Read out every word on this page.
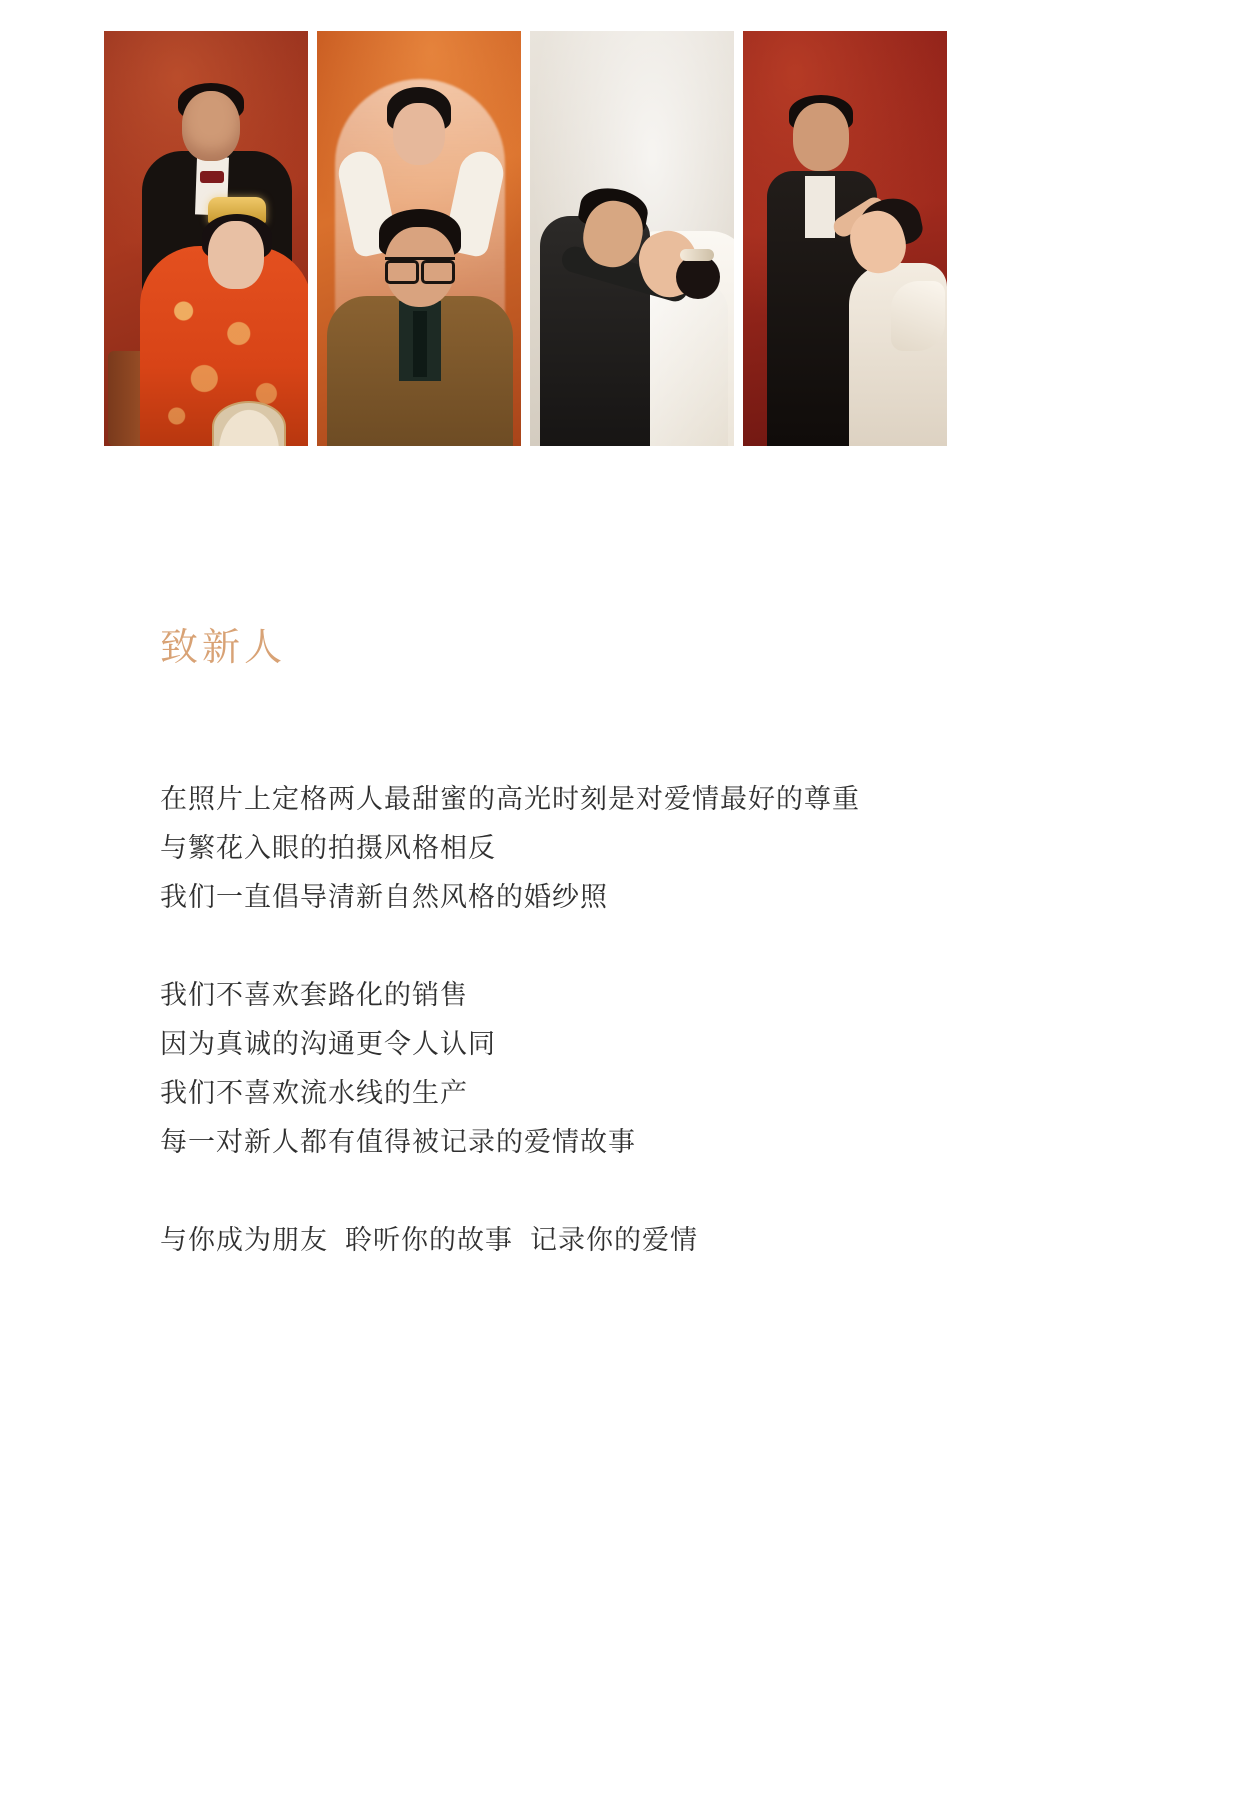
致新人

在照片上定格两人最甜蜜的高光时刻是对爱情最好的尊重
与繁花入眼的拍摄风格相反
我们一直倡导清新自然风格的婚纱照

我们不喜欢套路化的销售
因为真诚的沟通更令人认同
我们不喜欢流水线的生产
每一对新人都有值得被记录的爱情故事

与你成为朋友  聆听你的故事  记录你的爱情
